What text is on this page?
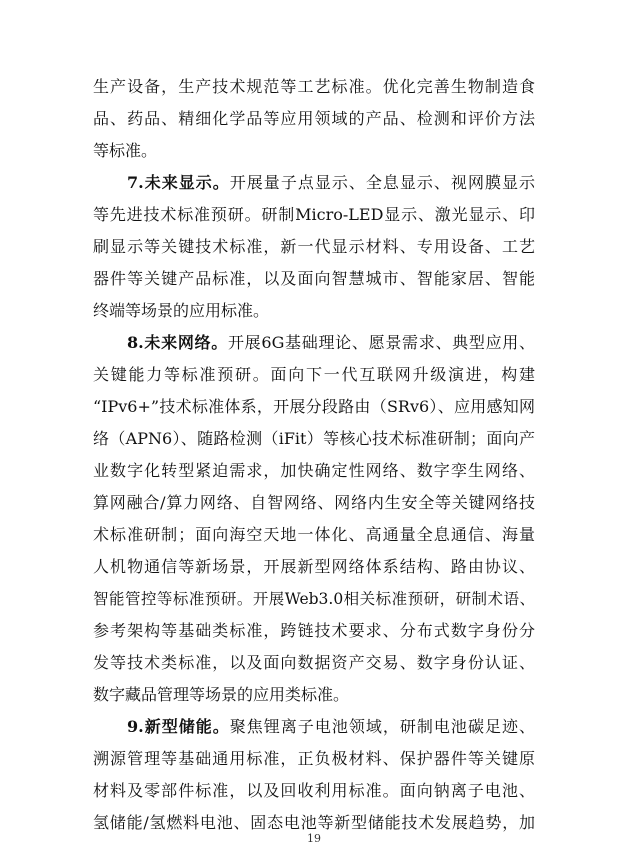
生产设备，生产技术规范等工艺标准。优化完善生物制造食
品、药品、精细化学品等应用领域的产品、检测和评价方法
等标准。
7.未来显示。开展量子点显示、全息显示、视网膜显示
等先进技术标准预研。研制Micro-LED显示、激光显示、印
刷显示等关键技术标准，新一代显示材料、专用设备、工艺
器件等关键产品标准，以及面向智慧城市、智能家居、智能
终端等场景的应用标准。
8.未来网络。开展6G基础理论、愿景需求、典型应用、
关键能力等标准预研。面向下一代互联网升级演进，构建
“IPv6+”技术标准体系，开展分段路由（SRv6）、应用感知网
络（APN6）、随路检测（iFit）等核心技术标准研制；面向产
业数字化转型紧迫需求，加快确定性网络、数字孪生网络、
算网融合/算力网络、自智网络、网络内生安全等关键网络技
术标准研制；面向海空天地一体化、高通量全息通信、海量
人机物通信等新场景，开展新型网络体系结构、路由协议、
智能管控等标准预研。开展Web3.0相关标准预研，研制术语、
参考架构等基础类标准，跨链技术要求、分布式数字身份分
发等技术类标准，以及面向数据资产交易、数字身份认证、
数字藏品管理等场景的应用类标准。
9.新型储能。聚焦锂离子电池领域，研制电池碳足迹、
溯源管理等基础通用标准，正负极材料、保护器件等关键原
材料及零部件标准，以及回收利用标准。面向钠离子电池、
氢储能/氢燃料电池、固态电池等新型储能技术发展趋势，加
19
